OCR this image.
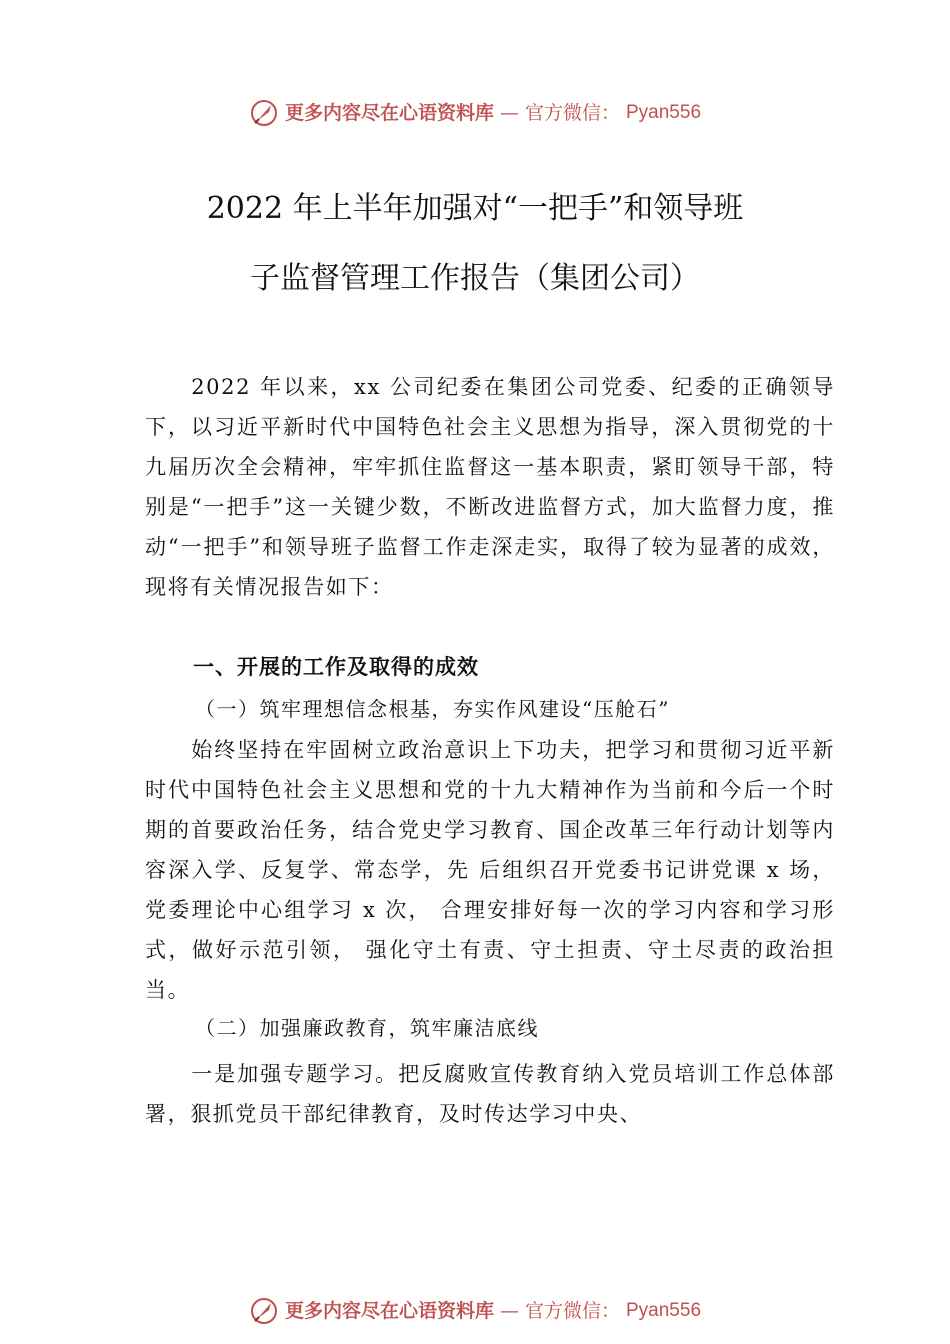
更多内容尽在心语资料库 — 官方微信： Pyan556
2022 年上半年加强对“一把手”和领导班
子监督管理工作报告（集团公司）
2022 年以来，xx 公司纪委在集团公司党委、纪委的正确领导下，以习近平新时代中国特色社会主义思想为指导，深入贯彻党的十九届历次全会精神，牢牢抓住监督这一基本职责，紧盯领导干部，特别是“一把手”这一关键少数，不断改进监督方式，加大监督力度，推动“一把手”和领导班子监督工作走深走实，取得了较为显著的成效，现将有关情况报告如下：
一、开展的工作及取得的成效
（一）筑牢理想信念根基，夯实作风建设“压舱石”
始终坚持在牢固树立政治意识上下功夫，把学习和贯彻习近平新时代中国特色社会主义思想和党的十九大精神作为当前和今后一个时期的首要政治任务，结合党史学习教育、国企改革三年行动计划等内容深入学、反复学、常态学，先 后组织召开党委书记讲党课 x 场，党委理论中心组学习 x 次， 合理安排好每一次的学习内容和学习形式，做好示范引领， 强化守土有责、守土担责、守土尽责的政治担当。
（二）加强廉政教育，筑牢廉洁底线
一是加强专题学习。把反腐败宣传教育纳入党员培训工作总体部署，狠抓党员干部纪律教育，及时传达学习中央、
更多内容尽在心语资料库 — 官方微信： Pyan556
